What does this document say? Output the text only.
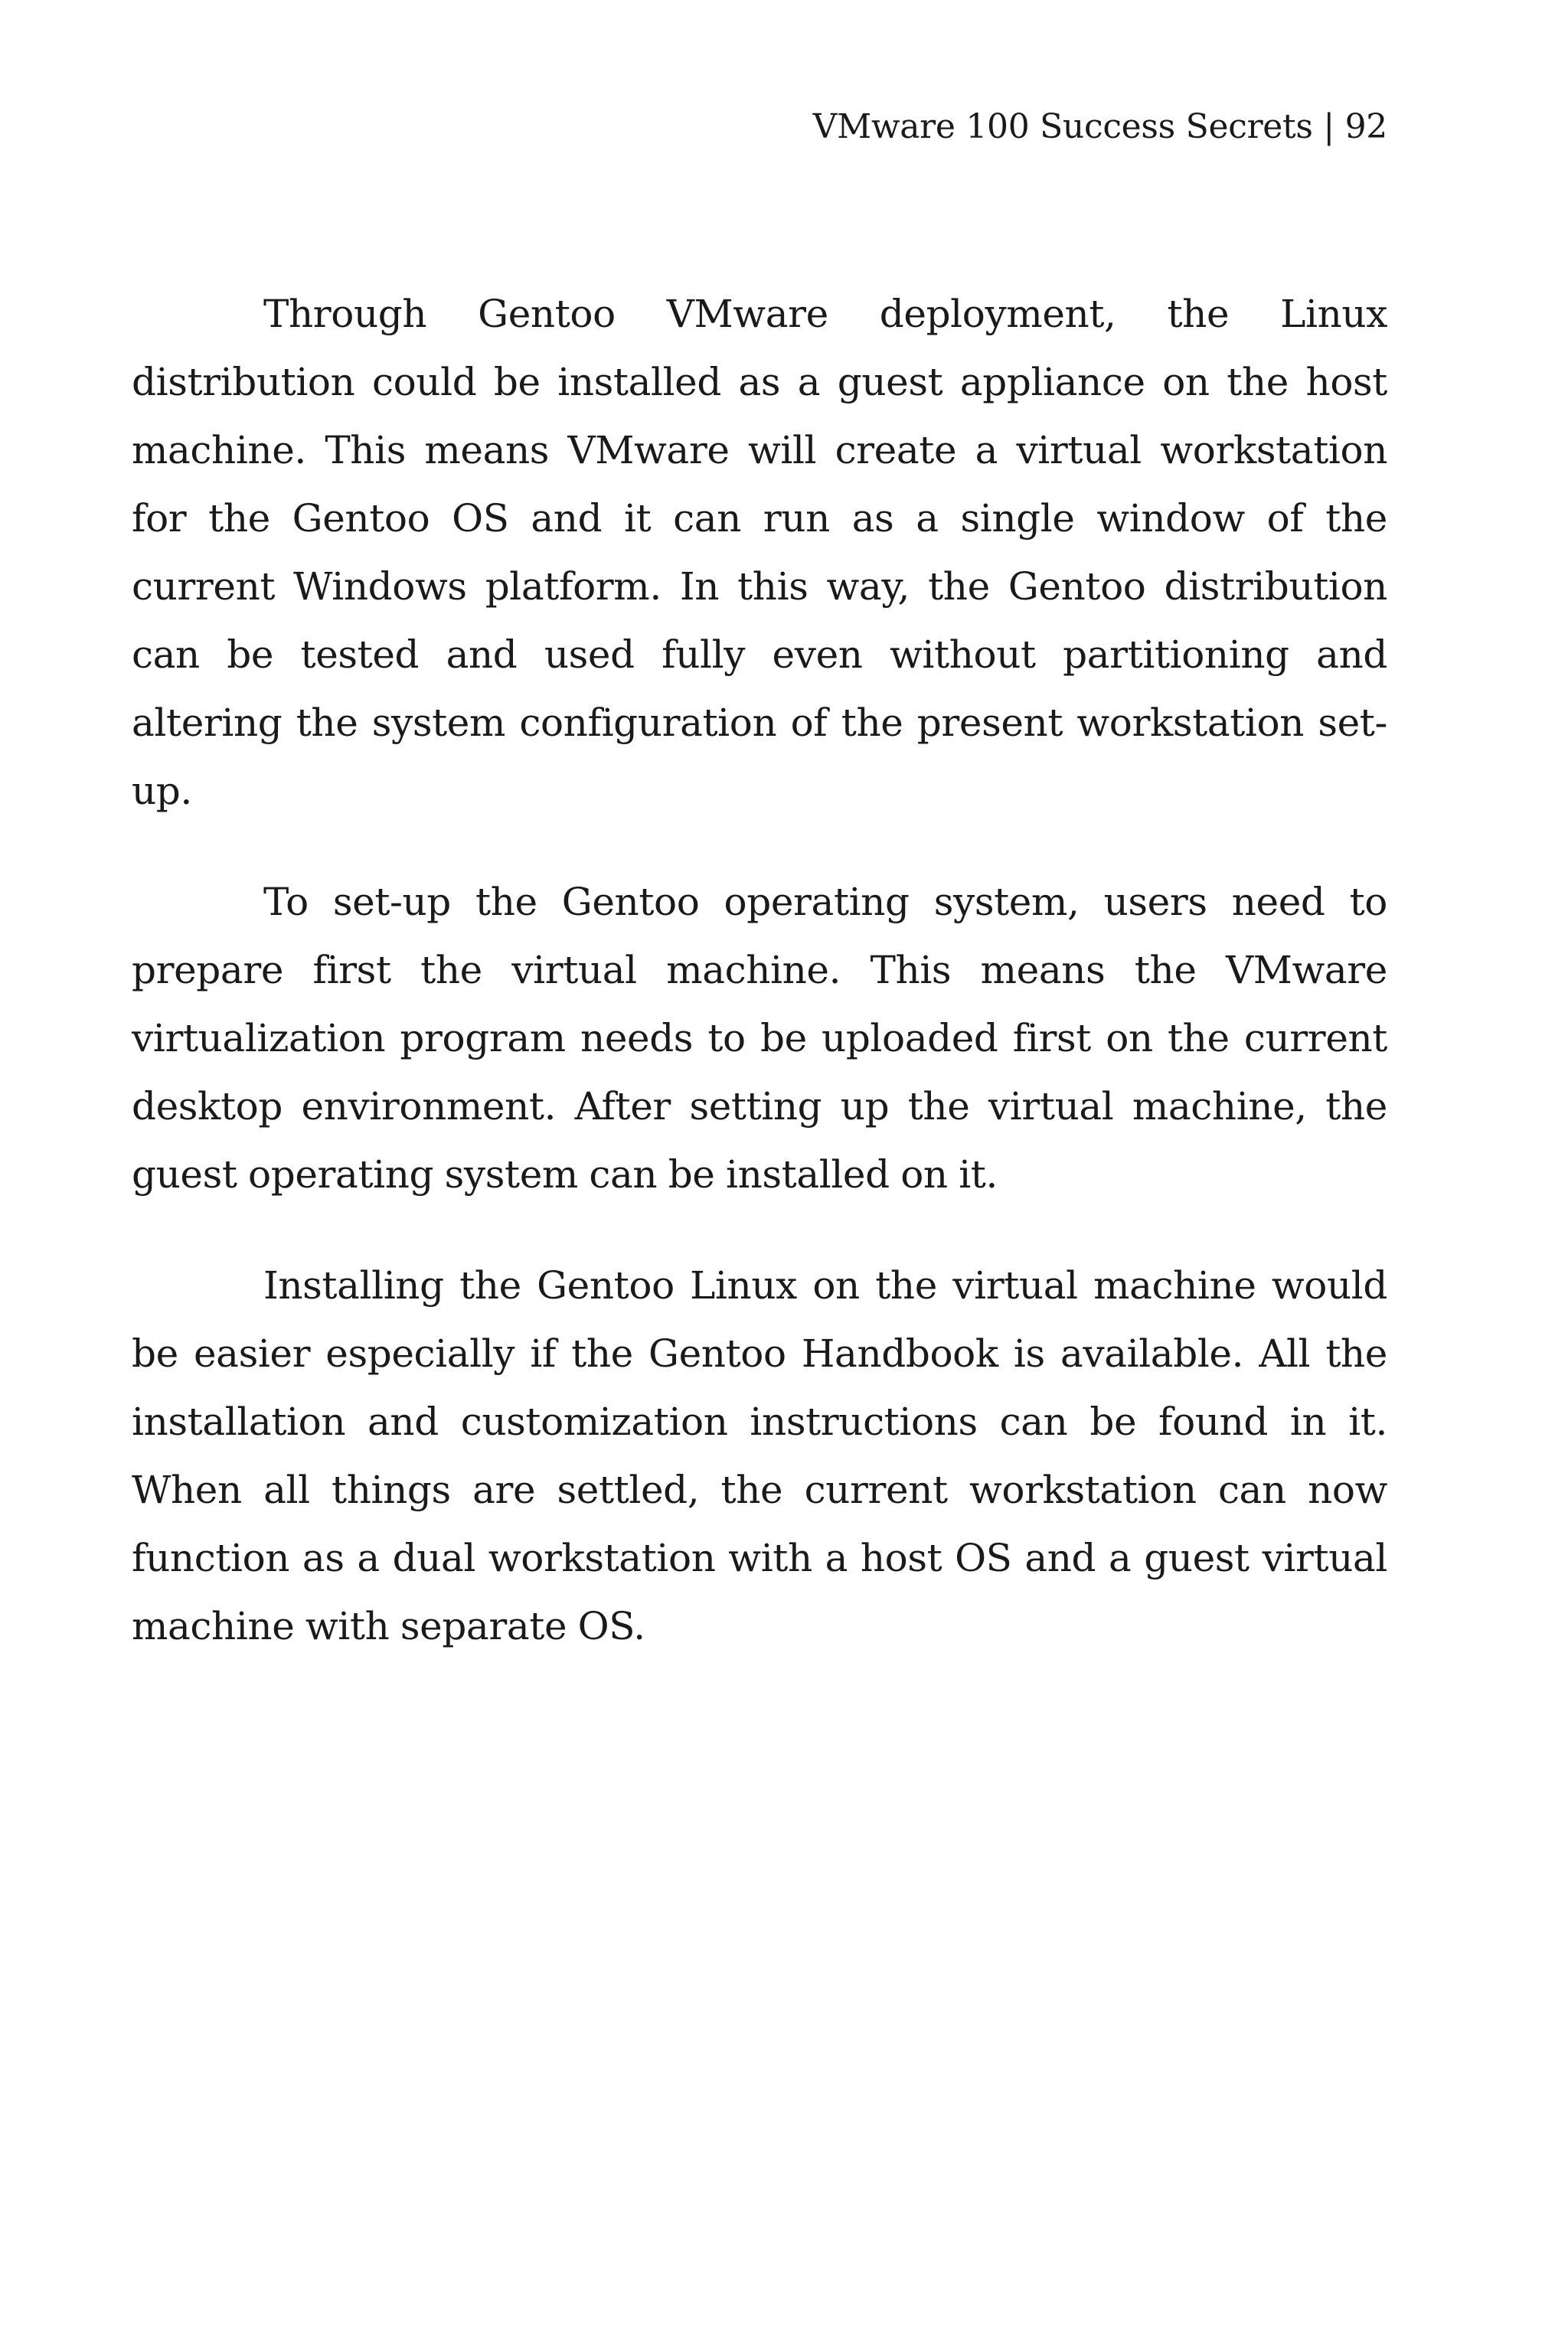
VMware 100 Success Secrets | 92

Through Gentoo VMware deployment, the Linux distribution could be installed as a guest appliance on the host machine. This means VMware will create a virtual workstation for the Gentoo OS and it can run as a single window of the current Windows platform. In this way, the Gentoo distribution can be tested and used fully even without partitioning and altering the system configuration of the present workstation set-up.

To set-up the Gentoo operating system, users need to prepare first the virtual machine. This means the VMware virtualization program needs to be uploaded first on the current desktop environment. After setting up the virtual machine, the guest operating system can be installed on it.

Installing the Gentoo Linux on the virtual machine would be easier especially if the Gentoo Handbook is available. All the installation and customization instructions can be found in it. When all things are settled, the current workstation can now function as a dual workstation with a host OS and a guest virtual machine with separate OS.
